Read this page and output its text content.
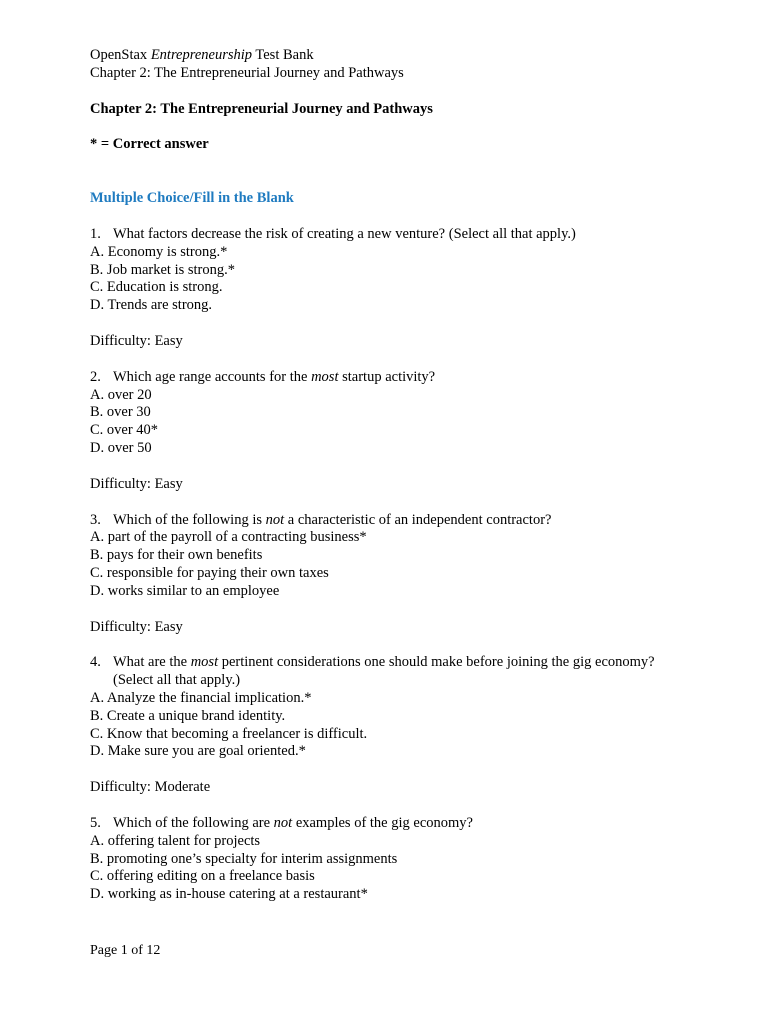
OpenStax Entrepreneurship Test Bank
Chapter 2: The Entrepreneurial Journey and Pathways
Chapter 2: The Entrepreneurial Journey and Pathways
* = Correct answer
Multiple Choice/Fill in the Blank
1. What factors decrease the risk of creating a new venture? (Select all that apply.)
A. Economy is strong.*
B. Job market is strong.*
C. Education is strong.
D. Trends are strong.
Difficulty: Easy
2. Which age range accounts for the most startup activity?
A. over 20
B. over 30
C. over 40*
D. over 50
Difficulty: Easy
3. Which of the following is not a characteristic of an independent contractor?
A. part of the payroll of a contracting business*
B. pays for their own benefits
C. responsible for paying their own taxes
D. works similar to an employee
Difficulty: Easy
4. What are the most pertinent considerations one should make before joining the gig economy?
(Select all that apply.)
A. Analyze the financial implication.*
B. Create a unique brand identity.
C. Know that becoming a freelancer is difficult.
D. Make sure you are goal oriented.*
Difficulty: Moderate
5. Which of the following are not examples of the gig economy?
A. offering talent for projects
B. promoting one’s specialty for interim assignments
C. offering editing on a freelance basis
D. working as in-house catering at a restaurant*
Page 1 of 12
